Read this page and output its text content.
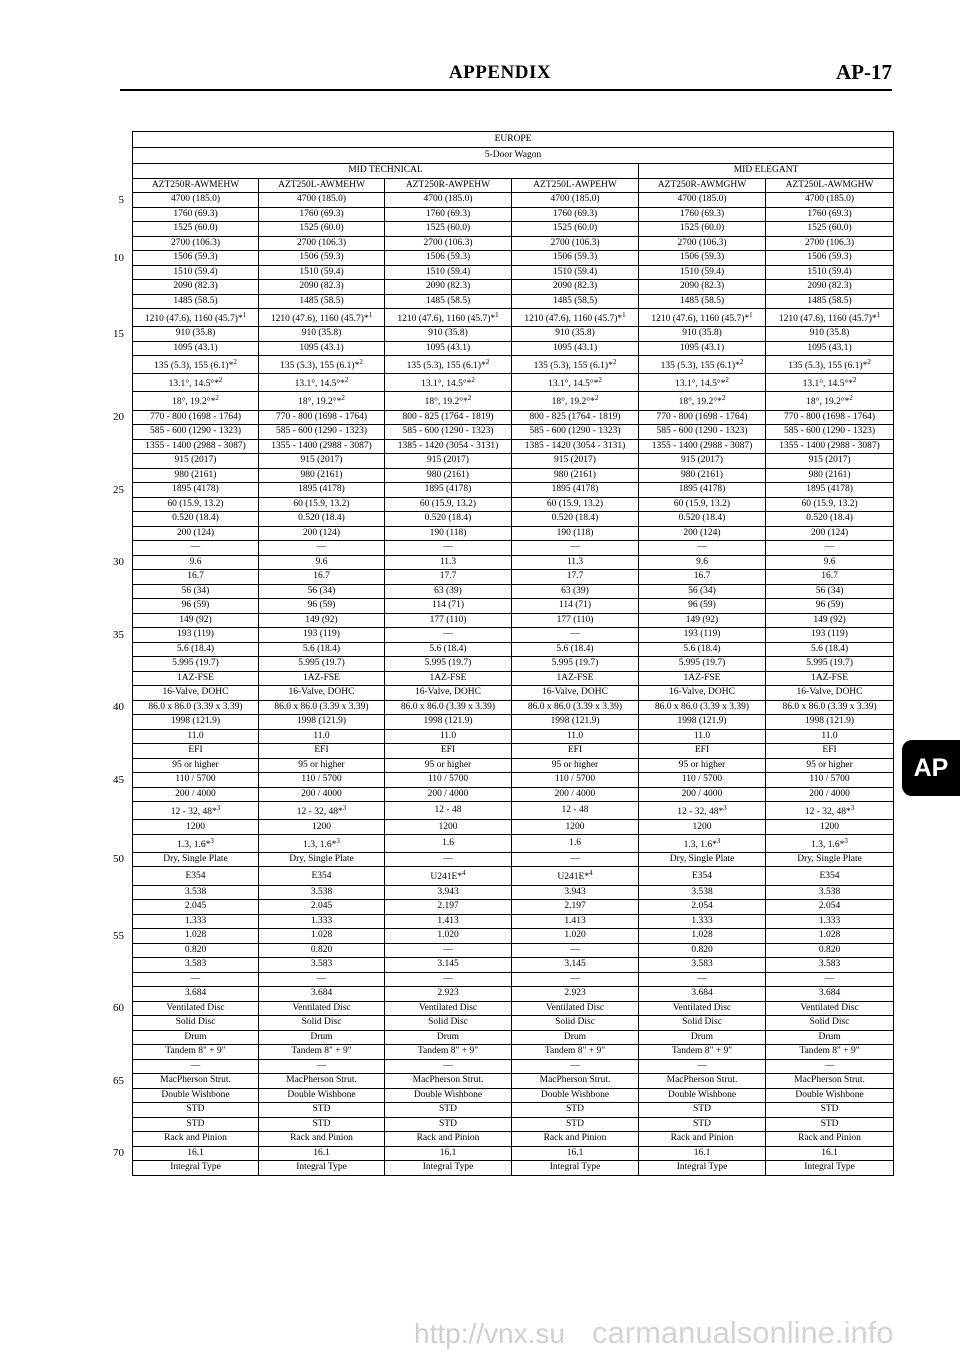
APPENDIX	AP-17
5
10
15
20
25
30
35
40
45
50
55
60
65
70
EUROPE					
5-Door Wagon					
MID TECHNICAL				MID ELEGANT	
AZT250R-AWMEHW	AZT250L-AWMEHW	AZT250R-AWPEHW	AZT250L-AWPEHW	AZT250R-AWMGHW	AZT250L-AWMGHW
4700 (185.0)	4700 (185.0)	4700 (185.0)	4700 (185.0)	4700 (185.0)	4700 (185.0)
1760 (69.3)	1760 (69.3)	1760 (69.3)	1760 (69.3)	1760 (69.3)	1760 (69.3)
1525 (60.0)	1525 (60.0)	1525 (60.0)	1525 (60.0)	1525 (60.0)	1525 (60.0)
2700 (106.3)	2700 (106.3)	2700 (106.3)	2700 (106.3)	2700 (106.3)	2700 (106.3)
1506 (59.3)	1506 (59.3)	1506 (59.3)	1506 (59.3)	1506 (59.3)	1506 (59.3)
1510 (59.4)	1510 (59.4)	1510 (59.4)	1510 (59.4)	1510 (59.4)	1510 (59.4)
2090 (82.3)	2090 (82.3)	2090 (82.3)	2090 (82.3)	2090 (82.3)	2090 (82.3)
1485 (58.5)	1485 (58.5)	1485 (58.5)	1485 (58.5)	1485 (58.5)	1485 (58.5)
1210 (47.6), 1160 (45.7)*$^1$	1210 (47.6), 1160 (45.7)*$^1$	1210 (47.6), 1160 (45.7)*$^1$	1210 (47.6), 1160 (45.7)*$^1$	1210 (47.6), 1160 (45.7)*$^1$	1210 (47.6), 1160 (45.7)*$^1$
910 (35.8)	910 (35.8)	910 (35.8)	910 (35.8)	910 (35.8)	910 (35.8)
1095 (43.1)	1095 (43.1)	1095 (43.1)	1095 (43.1)	1095 (43.1)	1095 (43.1)
135 (5.3), 155 (6.1)*$^2$	135 (5.3), 155 (6.1)*$^2$	135 (5.3), 155 (6.1)*$^2$	135 (5.3), 155 (6.1)*$^2$	135 (5.3), 155 (6.1)*$^2$	135 (5.3), 155 (6.1)*$^2$
13.1°, 14.5°*$^2$	13.1°, 14.5°*$^2$	13.1°, 14.5°*$^2$	13.1°, 14.5°*$^2$	13.1°, 14.5°*$^2$	13.1°, 14.5°*$^2$
18°, 19.2°*$^2$	18°, 19.2°*$^2$	18°, 19.2°*$^2$	18°, 19.2°*$^2$	18°, 19.2°*$^2$	18°, 19.2°*$^2$
770 - 800 (1698 - 1764)	770 - 800 (1698 - 1764)	800 - 825 (1764 - 1819)	800 - 825 (1764 - 1819)	770 - 800 (1698 - 1764)	770 - 800 (1698 - 1764)
585 - 600 (1290 - 1323)	585 - 600 (1290 - 1323)	585 - 600 (1290 - 1323)	585 - 600 (1290 - 1323)	585 - 600 (1290 - 1323)	585 - 600 (1290 - 1323)
1355 - 1400 (2988 - 3087)	1355 - 1400 (2988 - 3087)	1385 - 1420 (3054 - 3131)	1385 - 1420 (3054 - 3131)	1355 - 1400 (2988 - 3087)	1355 - 1400 (2988 - 3087)
915 (2017)	915 (2017)	915 (2017)	915 (2017)	915 (2017)	915 (2017)
980 (2161)	980 (2161)	980 (2161)	980 (2161)	980 (2161)	980 (2161)
1895 (4178)	1895 (4178)	1895 (4178)	1895 (4178)	1895 (4178)	1895 (4178)
60 (15.9, 13.2)	60 (15.9, 13.2)	60 (15.9, 13.2)	60 (15.9, 13.2)	60 (15.9, 13.2)	60 (15.9, 13.2)
0.520 (18.4)	0.520 (18.4)	0.520 (18.4)	0.520 (18.4)	0.520 (18.4)	0.520 (18.4)
200 (124)	200 (124)	190 (118)	190 (118)	200 (124)	200 (124)
—	—	—	—	—	—
9.6	9.6	11.3	11.3	9.6	9.6
16.7	16.7	17.7	17.7	16.7	16.7
56 (34)	56 (34)	63 (39)	63 (39)	56 (34)	56 (34)
96 (59)	96 (59)	114 (71)	114 (71)	96 (59)	96 (59)
149 (92)	149 (92)	177 (110)	177 (110)	149 (92)	149 (92)
193 (119)	193 (119)	—	—	193 (119)	193 (119)
5.6 (18.4)	5.6 (18.4)	5.6 (18.4)	5.6 (18.4)	5.6 (18.4)	5.6 (18.4)
5.995 (19.7)	5.995 (19.7)	5.995 (19.7)	5.995 (19.7)	5.995 (19.7)	5.995 (19.7)
1AZ-FSE	1AZ-FSE	1AZ-FSE	1AZ-FSE	1AZ-FSE	1AZ-FSE
16-Valve, DOHC	16-Valve, DOHC	16-Valve, DOHC	16-Valve, DOHC	16-Valve, DOHC	16-Valve, DOHC
86.0 x 86.0 (3.39 x 3.39)	86.0 x 86.0 (3.39 x 3.39)	86.0 x 86.0 (3.39 x 3.39)	86.0 x 86.0 (3.39 x 3.39)	86.0 x 86.0 (3.39 x 3.39)	86.0 x 86.0 (3.39 x 3.39)
1998 (121.9)	1998 (121.9)	1998 (121.9)	1998 (121.9)	1998 (121.9)	1998 (121.9)
11.0	11.0	11.0	11.0	11.0	11.0
EFI	EFI	EFI	EFI	EFI	EFI
95 or higher	95 or higher	95 or higher	95 or higher	95 or higher	95 or higher
110 / 5700	110 / 5700	110 / 5700	110 / 5700	110 / 5700	110 / 5700
200 / 4000	200 / 4000	200 / 4000	200 / 4000	200 / 4000	200 / 4000
12 - 32, 48*$^3$	12 - 32, 48*$^3$	12 - 48	12 - 48	12 - 32, 48*$^3$	12 - 32, 48*$^3$
1200	1200	1200	1200	1200	1200
1.3, 1.6*$^3$	1.3, 1.6*$^3$	1.6	1.6	1.3, 1.6*$^3$	1.3, 1.6*$^3$
Dry, Single Plate	Dry, Single Plate	—	—	Dry, Single Plate	Dry, Single Plate
E354	E354	U241E*$^4$	U241E*$^4$	E354	E354
3.538	3.538	3.943	3.943	3.538	3.538
2.045	2.045	2.197	2.197	2.054	2.054
1.333	1.333	1.413	1.413	1.333	1.333
1.028	1.028	1.020	1.020	1.028	1.028
0.820	0.820	—	—	0.820	0.820
3.583	3.583	3.145	3.145	3.583	3.583
—	—	—	—	—	—
3.684	3.684	2.923	2.923	3.684	3.684
Ventilated Disc	Ventilated Disc	Ventilated Disc	Ventilated Disc	Ventilated Disc	Ventilated Disc
Solid Disc	Solid Disc	Solid Disc	Solid Disc	Solid Disc	Solid Disc
Drum	Drum	Drum	Drum	Drum	Drum
Tandem 8" + 9"	Tandem 8" + 9"	Tandem 8" + 9"	Tandem 8" + 9"	Tandem 8" + 9"	Tandem 8" + 9"
—	—	—	—	—	—
MacPherson Strut.	MacPherson Strut.	MacPherson Strut.	MacPherson Strut.	MacPherson Strut.	MacPherson Strut.
Double Wishbone	Double Wishbone	Double Wishbone	Double Wishbone	Double Wishbone	Double Wishbone
STD	STD	STD	STD	STD	STD
STD	STD	STD	STD	STD	STD
Rack and Pinion	Rack and Pinion	Rack and Pinion	Rack and Pinion	Rack and Pinion	Rack and Pinion
16.1	16.1	16.1	16.1	16.1	16.1
Integral Type	Integral Type	Integral Type	Integral Type	Integral Type	Integral Type
AP
http://vnx.su carmanualsonline.info
